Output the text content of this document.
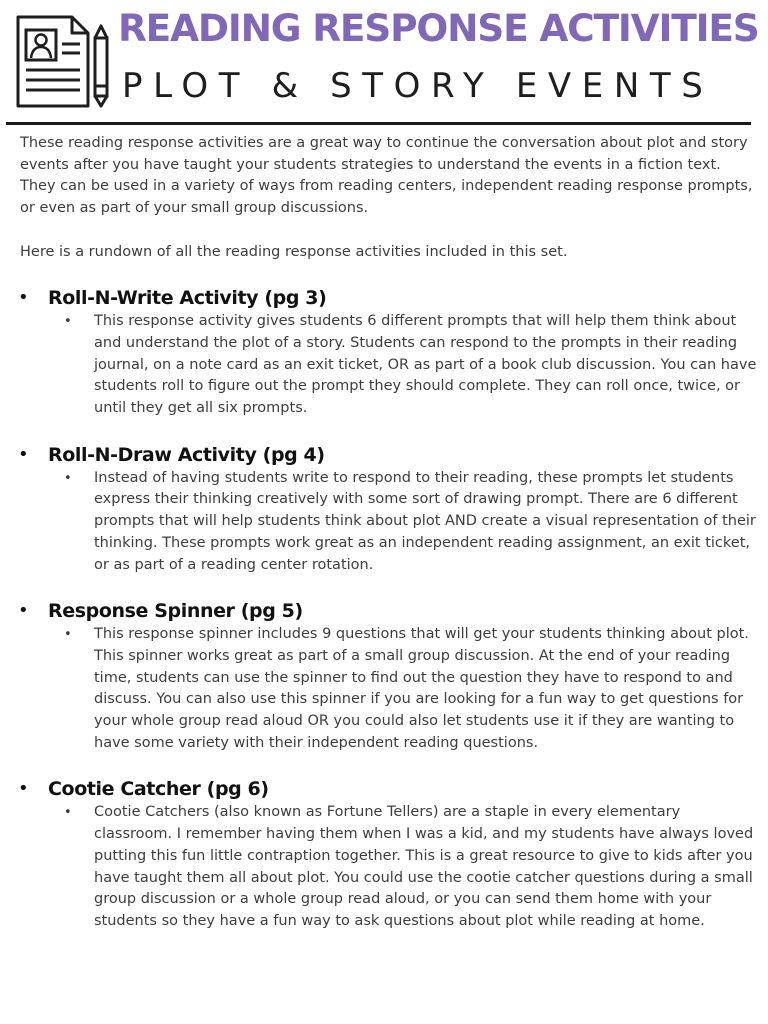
READING RESPONSE ACTIVITIES
PLOT & STORY EVENTS

These reading response activities are a great way to continue the conversation about plot and story events after you have taught your students strategies to understand the events in a fiction text. They can be used in a variety of ways from reading centers, independent reading response prompts, or even as part of your small group discussions.

Here is a rundown of all the reading response activities included in this set.

• Roll-N-Write Activity (pg 3)
• This response activity gives students 6 different prompts that will help them think about and understand the plot of a story. Students can respond to the prompts in their reading journal, on a note card as an exit ticket, OR as part of a book club discussion. You can have students roll to figure out the prompt they should complete. They can roll once, twice, or until they get all six prompts.

• Roll-N-Draw Activity (pg 4)
• Instead of having students write to respond to their reading, these prompts let students express their thinking creatively with some sort of drawing prompt. There are 6 different prompts that will help students think about plot AND create a visual representation of their thinking. These prompts work great as an independent reading assignment, an exit ticket, or as part of a reading center rotation.

• Response Spinner (pg 5)
• This response spinner includes 9 questions that will get your students thinking about plot. This spinner works great as part of a small group discussion. At the end of your reading time, students can use the spinner to find out the question they have to respond to and discuss. You can also use this spinner if you are looking for a fun way to get questions for your whole group read aloud OR you could also let students use it if they are wanting to have some variety with their independent reading questions.

• Cootie Catcher (pg 6)
• Cootie Catchers (also known as Fortune Tellers) are a staple in every elementary classroom. I remember having them when I was a kid, and my students have always loved putting this fun little contraption together. This is a great resource to give to kids after you have taught them all about plot. You could use the cootie catcher questions during a small group discussion or a whole group read aloud, or you can send them home with your students so they have a fun way to ask questions about plot while reading at home.
